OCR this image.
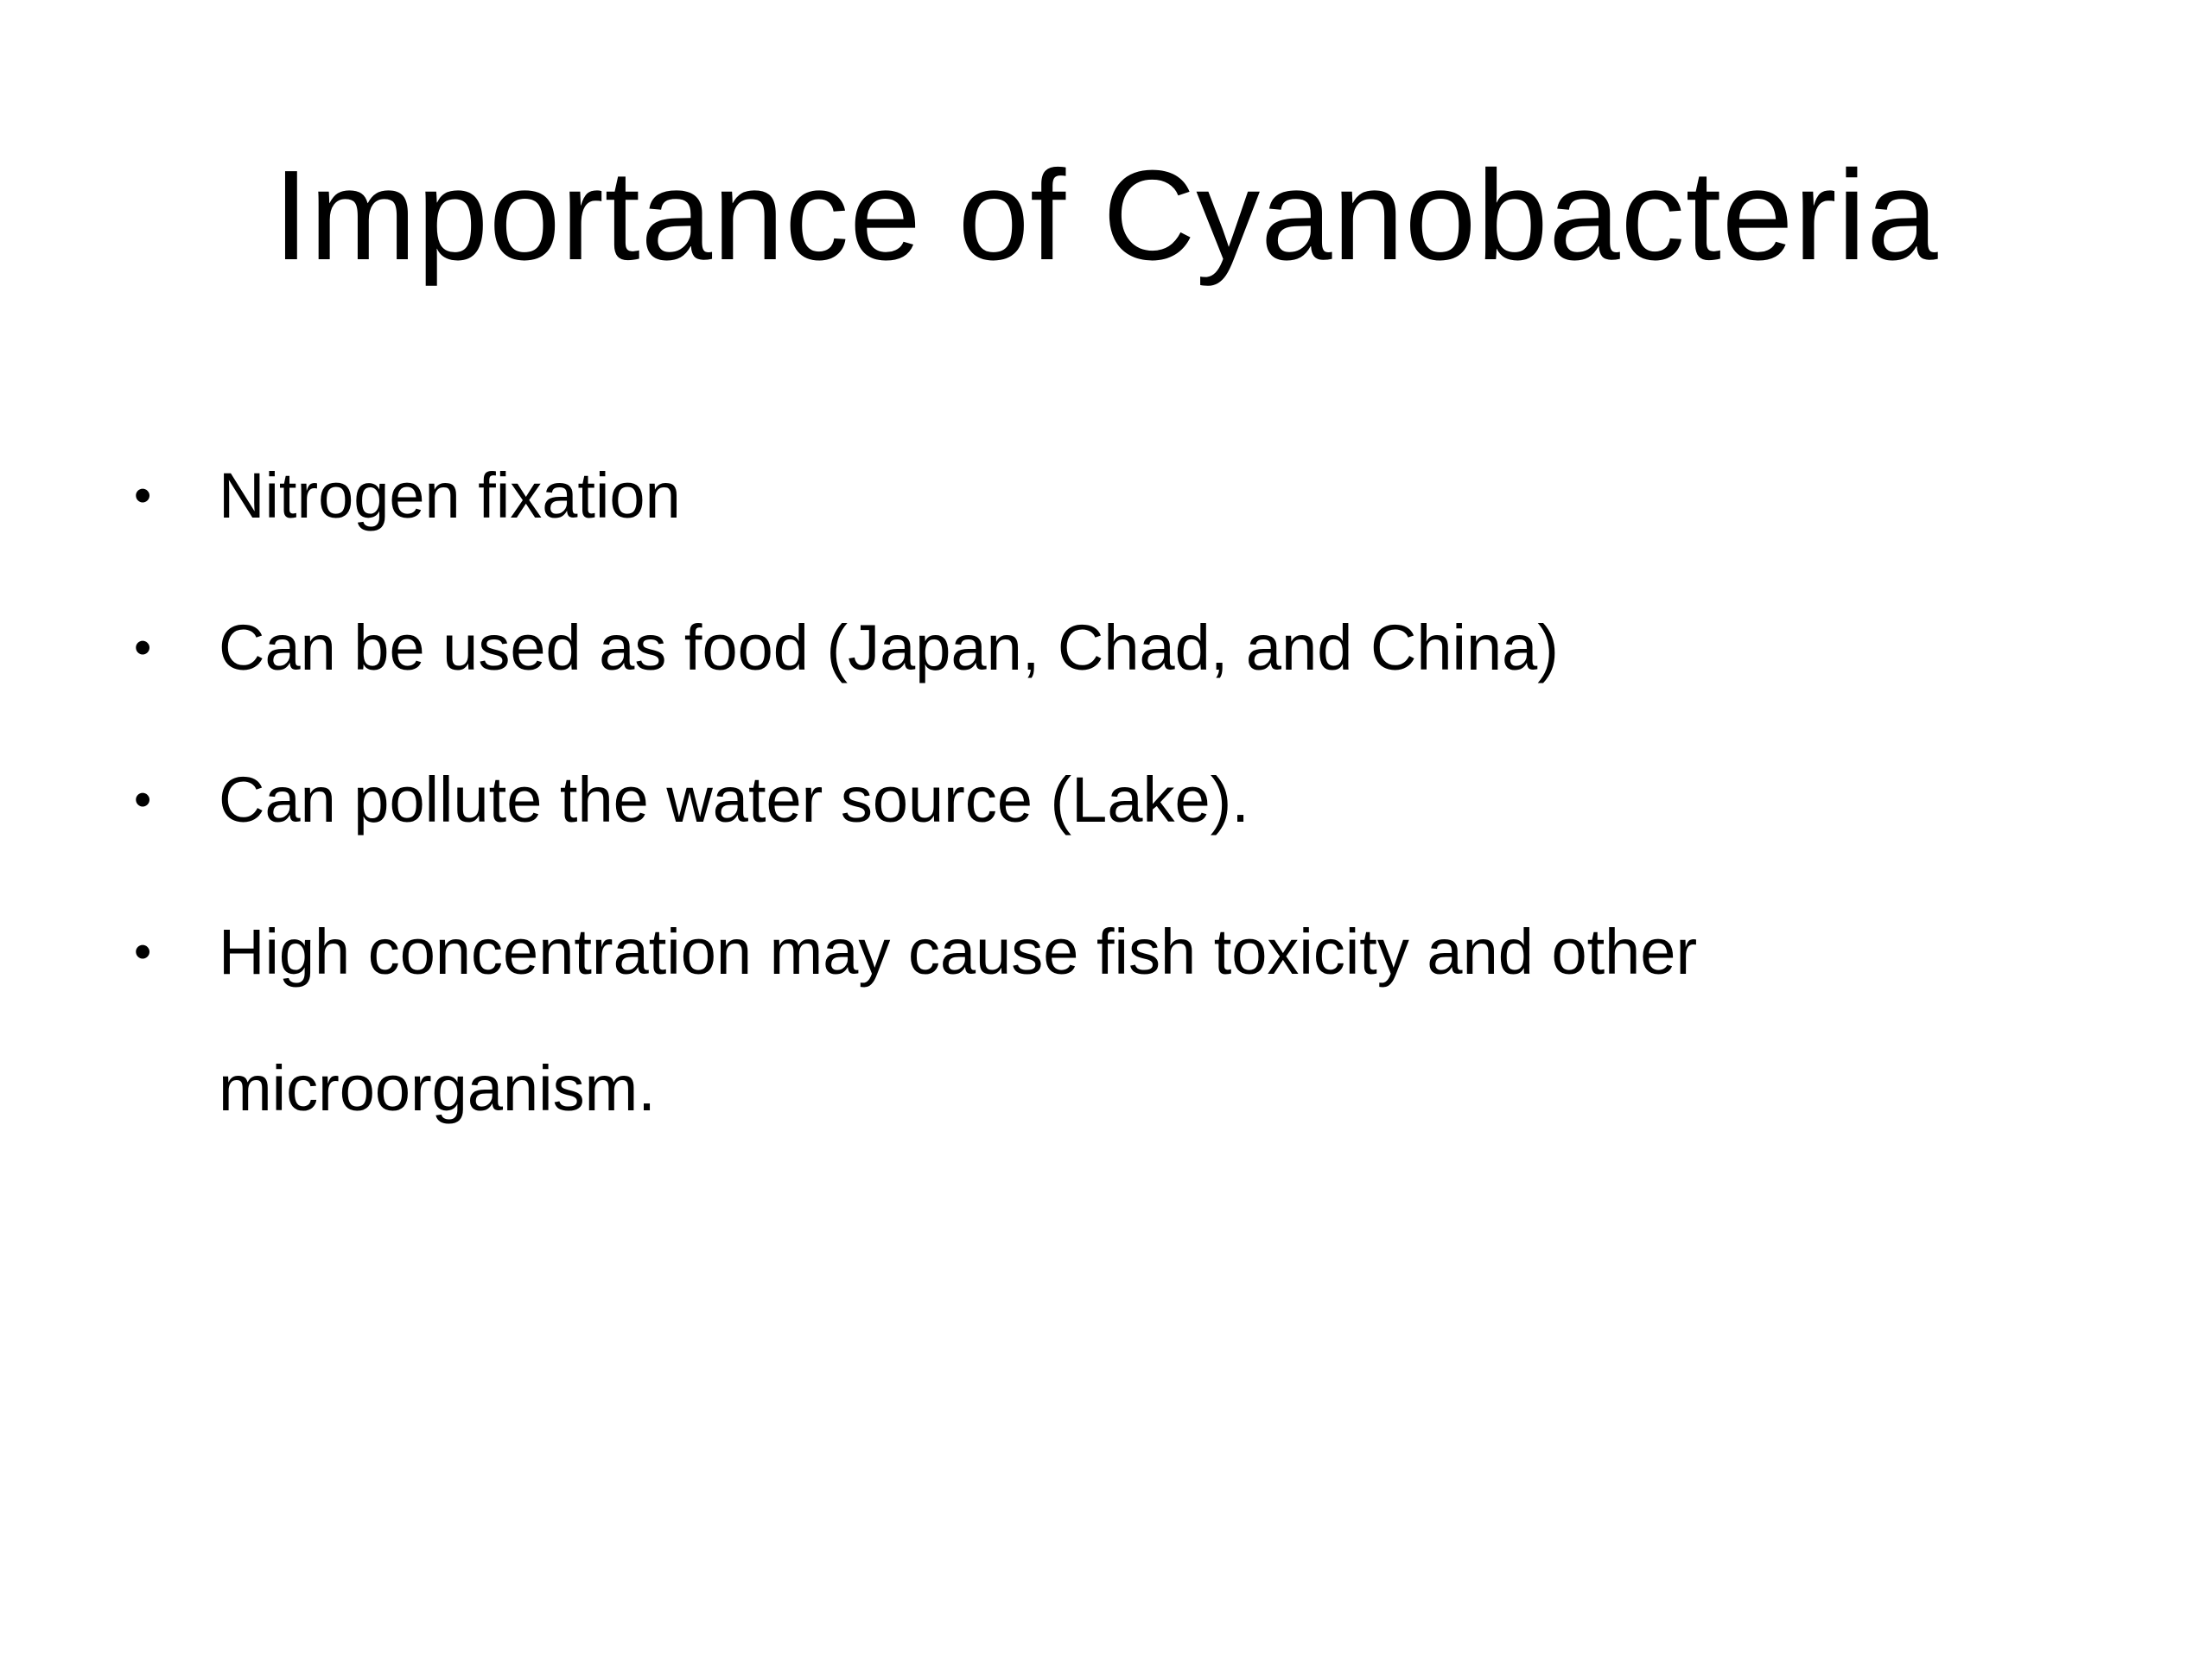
Importance of Cyanobacteria
• Nitrogen fixation
• Can be used as food (Japan, Chad, and China)
• Can pollute the water source (Lake).
• High concentration may cause fish toxicity and other microorganism.
